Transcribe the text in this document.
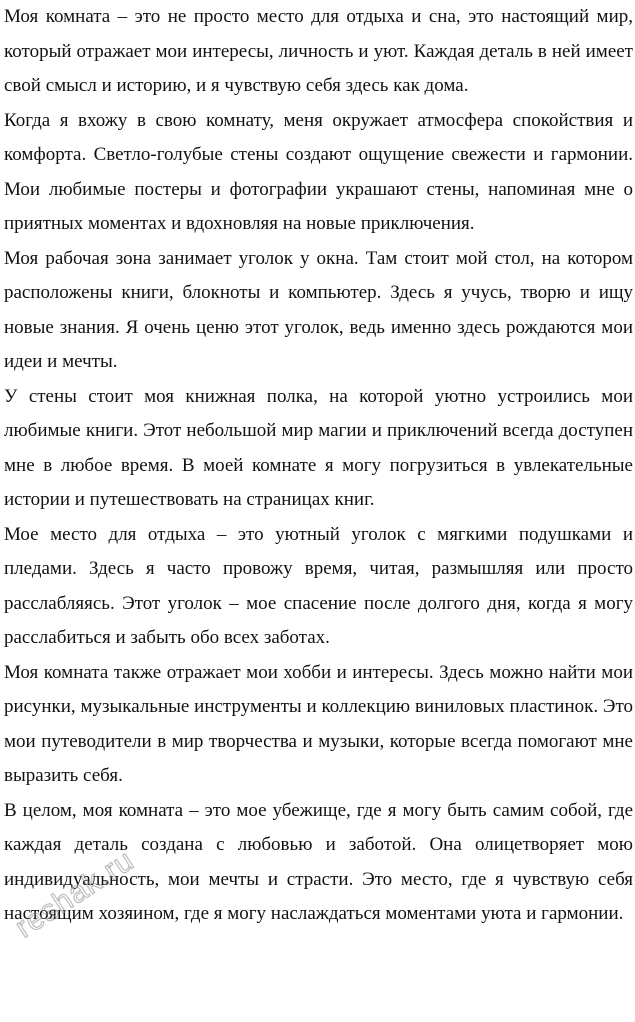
Моя комната – это не просто место для отдыха и сна, это настоящий мир, который отражает мои интересы, личность и уют. Каждая деталь в ней имеет свой смысл и историю, и я чувствую себя здесь как дома.

Когда я вхожу в свою комнату, меня окружает атмосфера спокойствия и комфорта. Светло-голубые стены создают ощущение свежести и гармонии. Мои любимые постеры и фотографии украшают стены, напоминая мне о приятных моментах и вдохновляя на новые приключения.

Моя рабочая зона занимает уголок у окна. Там стоит мой стол, на котором расположены книги, блокноты и компьютер. Здесь я учусь, творю и ищу новые знания. Я очень ценю этот уголок, ведь именно здесь рождаются мои идеи и мечты.

У стены стоит моя книжная полка, на которой уютно устроились мои любимые книги. Этот небольшой мир магии и приключений всегда доступен мне в любое время. В моей комнате я могу погрузиться в увлекательные истории и путешествовать на страницах книг.

Мое место для отдыха – это уютный уголок с мягкими подушками и пледами. Здесь я часто провожу время, читая, размышляя или просто расслабляясь. Этот уголок – мое спасение после долгого дня, когда я могу расслабиться и забыть обо всех заботах.

Моя комната также отражает мои хобби и интересы. Здесь можно найти мои рисунки, музыкальные инструменты и коллекцию виниловых пластинок. Это мои путеводители в мир творчества и музыки, которые всегда помогают мне выразить себя.

В целом, моя комната – это мое убежище, где я могу быть самим собой, где каждая деталь создана с любовью и заботой. Она олицетворяет мою индивидуальность, мои мечты и страсти. Это место, где я чувствую себя настоящим хозяином, где я могу наслаждаться моментами уюта и гармонии.

reshak.ru
